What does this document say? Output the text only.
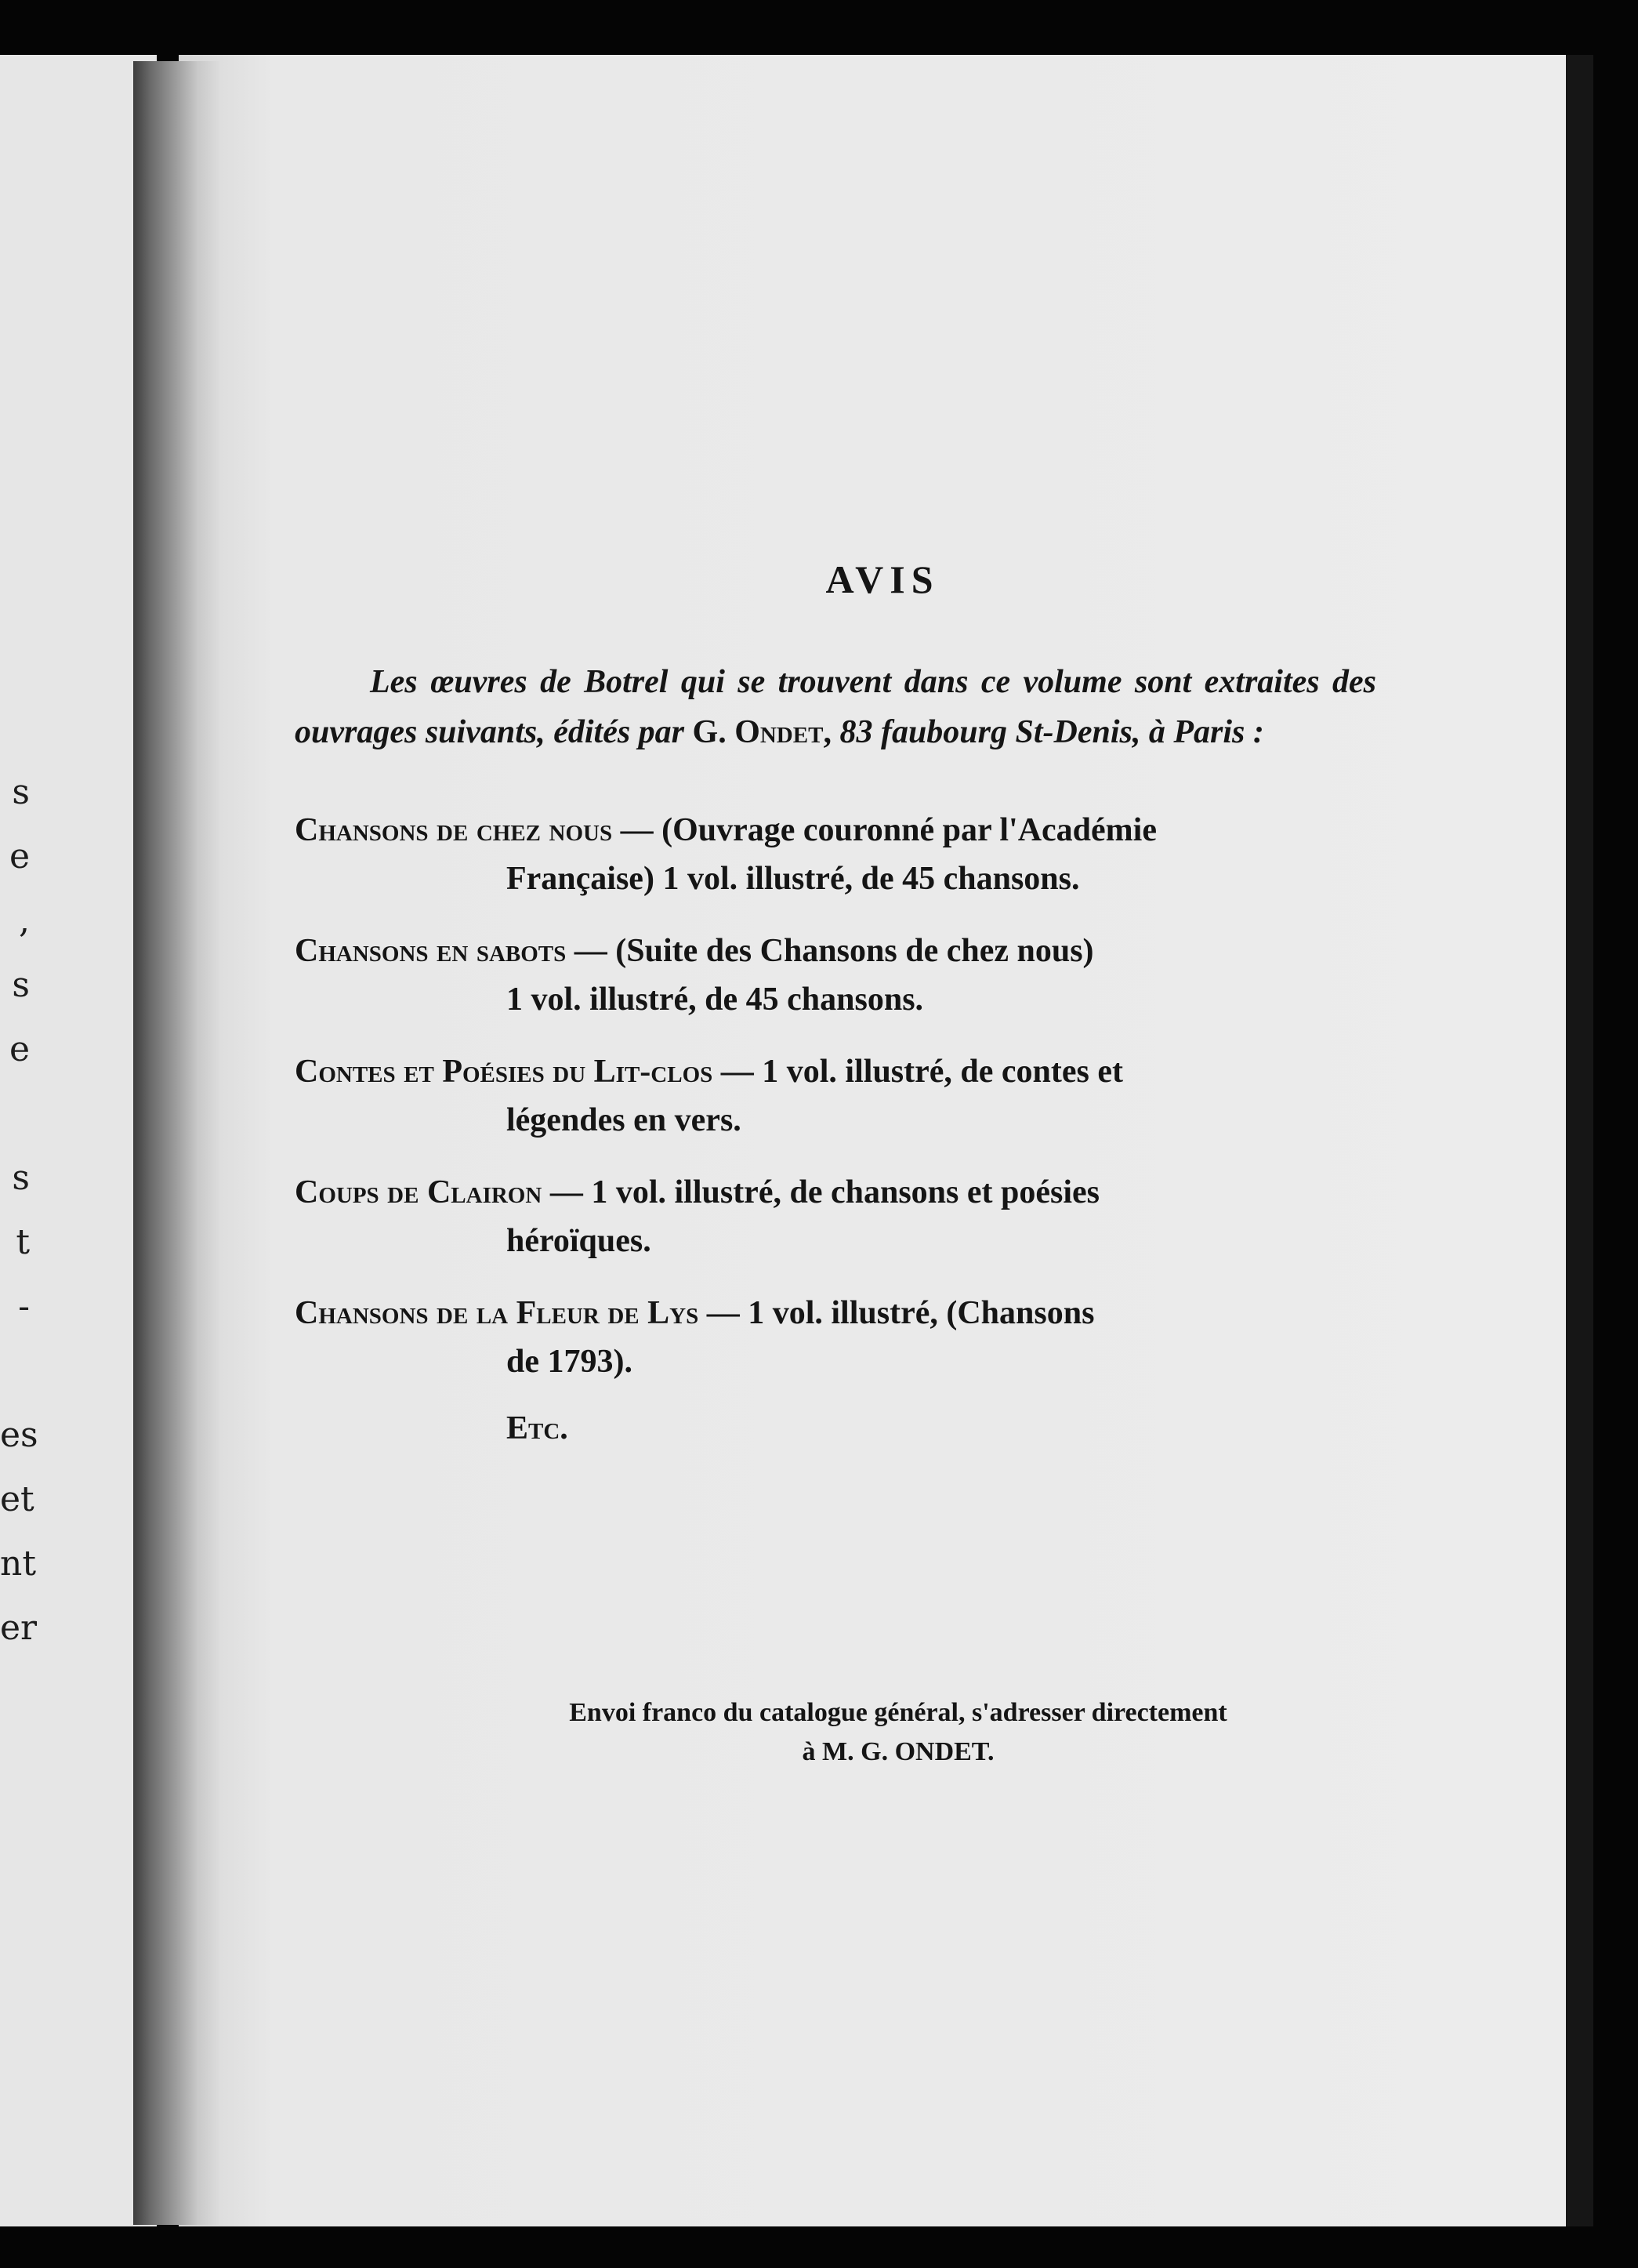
s
e
,
s
e
s
t
-
es
et
nt
er
AVIS

Les œuvres de Botrel qui se trouvent dans ce volume sont extraites des ouvrages suivants, édités par G. Ondet, 83 faubourg St-Denis, à Paris :

Chansons de chez nous — (Ouvrage couronné par l'Académie
Française) 1 vol. illustré, de 45 chansons.
Chansons en sabots — (Suite des Chansons de chez nous)
1 vol. illustré, de 45 chansons.
Contes et Poésies du Lit-clos — 1 vol. illustré, de contes et
légendes en vers.
Coups de Clairon — 1 vol. illustré, de chansons et poésies
héroïques.
Chansons de la Fleur de Lys — 1 vol. illustré, (Chansons
de 1793).
Etc.
Envoi franco du catalogue général, s'adresser directement
à M. G. ONDET.
